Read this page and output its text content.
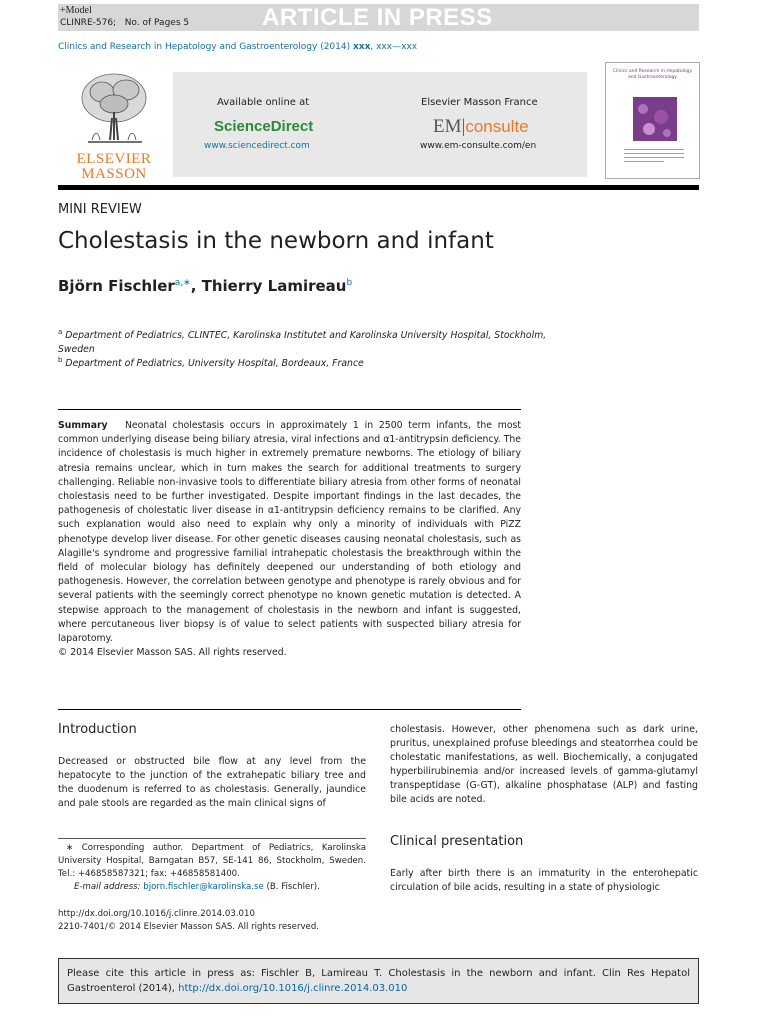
+Model
CLINRE-576; No. of Pages 5	ARTICLE IN PRESS
Clinics and Research in Hepatology and Gastroenterology (2014) xxx, xxx—xxx
ELSEVIER
MASSON
Available online at
ScienceDirect
www.sciencedirect.com
Elsevier Masson France
EM|consulte
www.em-consulte.com/en
Clinics and Research in Hepatology and Gastroenterology
MINI REVIEW
Cholestasis in the newborn and infant
Björn Fischler$^{a,∗}$, Thierry Lamireau$^b$
$^a$ Department of Pediatrics, CLINTEC, Karolinska Institutet and Karolinska University Hospital, Stockholm,
Sweden
$^b$ Department of Pediatrics, University Hospital, Bordeaux, France
Summary Neonatal cholestasis occurs in approximately 1 in 2500 term infants, the most common underlying disease being biliary atresia, viral infections and α1-antitrypsin deficiency. The incidence of cholestasis is much higher in extremely premature newborns. The etiology of biliary atresia remains unclear, which in turn makes the search for additional treatments to surgery challenging. Reliable non-invasive tools to differentiate biliary atresia from other forms of neonatal cholestasis need to be further investigated. Despite important findings in the last decades, the pathogenesis of cholestatic liver disease in α1-antitrypsin deficiency remains to be clarified. Any such explanation would also need to explain why only a minority of individuals with PiZZ phenotype develop liver disease. For other genetic diseases causing neonatal cholestasis, such as Alagille's syndrome and progressive familial intrahepatic cholestasis the breakthrough within the field of molecular biology has definitely deepened our understanding of both etiology and pathogenesis. However, the correlation between genotype and phenotype is rarely obvious and for several patients with the seemingly correct phenotype no known genetic mutation is detected. A stepwise approach to the management of cholestasis in the newborn and infant is suggested, where percutaneous liver biopsy is of value to select patients with suspected biliary atresia for laparotomy.
© 2014 Elsevier Masson SAS. All rights reserved.
Introduction
Decreased or obstructed bile flow at any level from the hepatocyte to the junction of the extrahepatic biliary tree and the duodenum is referred to as cholestasis. Generally, jaundice and pale stools are regarded as the main clinical signs of
∗ Corresponding author. Department of Pediatrics, Karolinska University Hospital, Barngatan B57, SE-141 86, Stockholm, Sweden. Tel.: +46858587321; fax: +46858581400.
E-mail address: bjorn.fischler@karolinska.se (B. Fischler).
http://dx.doi.org/10.1016/j.clinre.2014.03.010
2210-7401/© 2014 Elsevier Masson SAS. All rights reserved.
cholestasis. However, other phenomena such as dark urine, pruritus, unexplained profuse bleedings and steatorrhea could be cholestatic manifestations, as well. Biochemically, a conjugated hyperbilirubinemia and/or increased levels of gamma-glutamyl transpeptidase (G-GT), alkaline phosphatase (ALP) and fasting bile acids are noted.
Clinical presentation
Early after birth there is an immaturity in the enterohepatic circulation of bile acids, resulting in a state of physiologic

Please cite this article in press as: Fischler B, Lamireau T. Cholestasis in the newborn and infant. Clin Res Hepatol Gastroenterol (2014), http://dx.doi.org/10.1016/j.clinre.2014.03.010
